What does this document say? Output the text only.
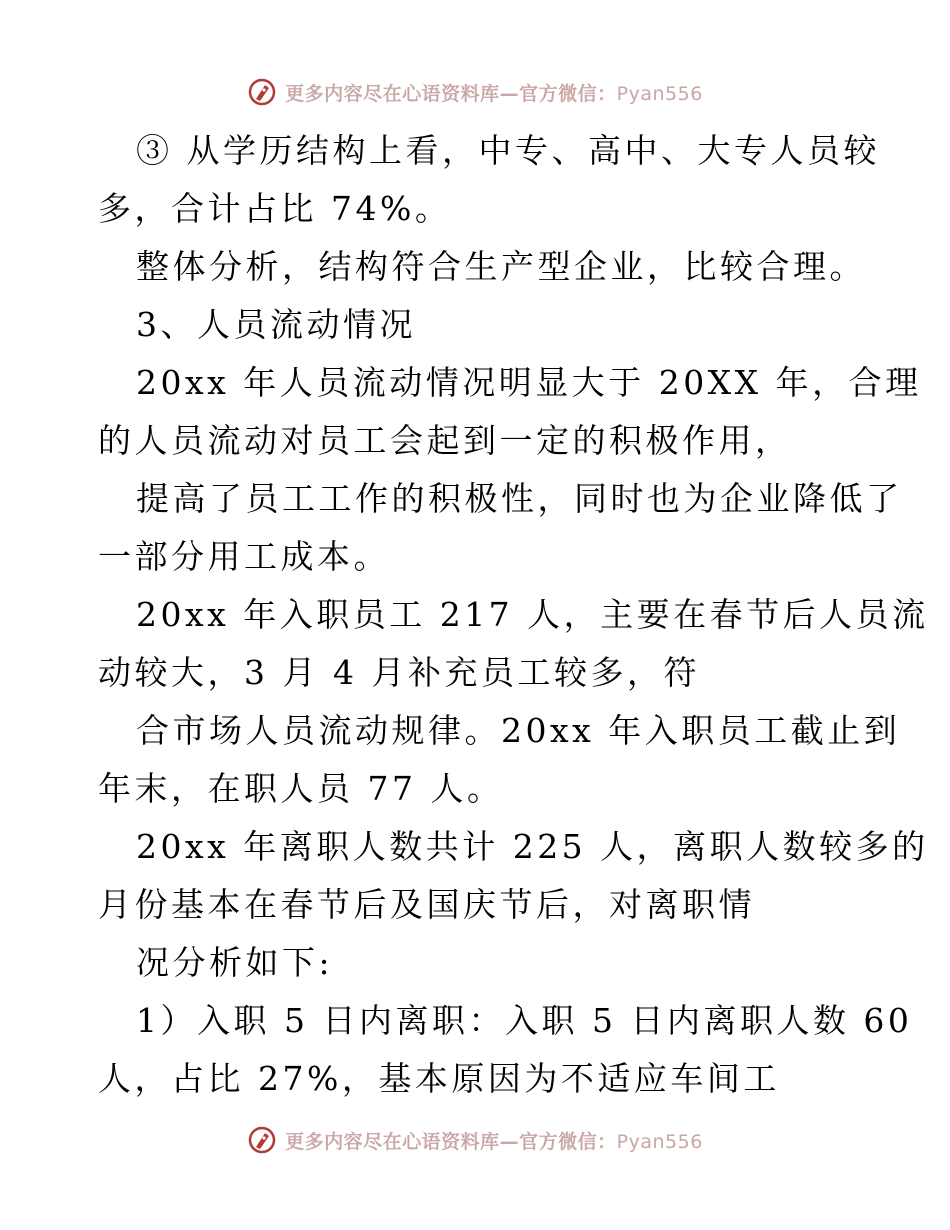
更多内容尽在心语资料库—官方微信：Pyan556

③ 从学历结构上看，中专、高中、大专人员较

多，合计占比 74%。

整体分析，结构符合生产型企业，比较合理。

3、人员流动情况

20xx 年人员流动情况明显大于 20XX 年，合理

的人员流动对员工会起到一定的积极作用，

提高了员工工作的积极性，同时也为企业降低了

一部分用工成本。

20xx 年入职员工 217 人，主要在春节后人员流

动较大，3 月 4 月补充员工较多，符

合市场人员流动规律。20xx 年入职员工截止到

年末，在职人员 77 人。

20xx 年离职人数共计 225 人，离职人数较多的

月份基本在春节后及国庆节后，对离职情

况分析如下:

1）入职 5 日内离职：入职 5 日内离职人数 60

人，占比 27%，基本原因为不适应车间工

更多内容尽在心语资料库—官方微信：Pyan556
